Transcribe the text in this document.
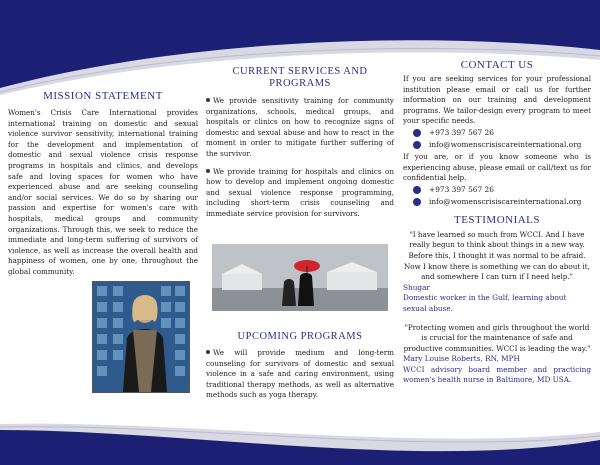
MISSION STATEMENT
Women's Crisis Care International provides international training on domestic and sexual violence survivor sensitivity, international training for the development and implementation of domestic and sexual violence crisis response programs in hospitals and clinics, and develops safe and loving spaces for women who have experienced abuse and are seeking counseling and/or social services. We do so by sharing our passion and expertise for women's care with hospitals, medical groups and community organizations. Through this, we seek to reduce the immediate and long-term suffering of survivors of violence, as well as increase the overall health and happiness of women, one by one, throughout the global community.
CURRENT SERVICES AND
PROGRAMS
We provide sensitivity training for community organizations, schools, medical groups, and hospitals or clinics on how to recognize signs of domestic and sexual abuse and how to react in the moment in order to mitigate further suffering of the survivor.
We provide training for hospitals and clinics on how to develop and implement ongoing domestic and sexual violence response programming, including short-term crisis counseling and immediate service provision for survivors.
UPCOMING PROGRAMS
We will provide medium and long-term counseling for survivors of domestic and sexual violence in a safe and caring environment, using traditional therapy methods, as well as alternative methods such as yoga therapy.
CONTACT US
If you are seeking services for your professional institution please email or call us for further information on our training and development programs. We tailor-design every program to meet your specific needs.
+973 397 567 26
info@womenscrisiscareinternational.org
If you are, or if you know someone who is experiencing abuse, please email or call/text us for confidential help.
+973 397 567 26
info@womenscrisiscareinternational.org
TESTIMONIALS
"I have learned so much from WCCI. And I have really begun to think about things in a new way. Before this, I thought it was normal to be afraid. Now I know there is something we can do about it, and somewhere I can turn if I need help."
Shugar
Domestic worker in the Gulf, learning about sexual abuse.
"Protecting women and girls throughout the world is crucial for the maintenance of safe and productive communities. WCCI is leading the way."
Mary Louise Roberts, RN, MPH
WCCI advisory board member and practicing women's health nurse in Baltimore, MD USA.
